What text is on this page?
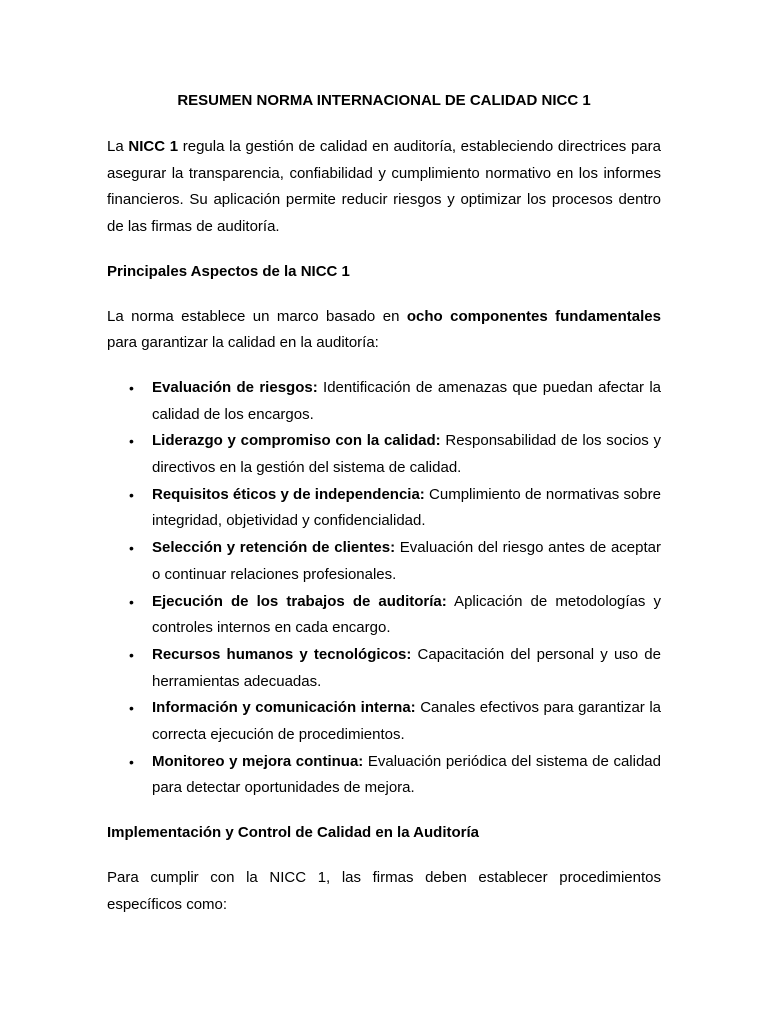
RESUMEN NORMA INTERNACIONAL DE CALIDAD NICC 1

La NICC 1 regula la gestión de calidad en auditoría, estableciendo directrices para asegurar la transparencia, confiabilidad y cumplimiento normativo en los informes financieros. Su aplicación permite reducir riesgos y optimizar los procesos dentro de las firmas de auditoría.

Principales Aspectos de la NICC 1

La norma establece un marco basado en ocho componentes fundamentales para garantizar la calidad en la auditoría:

• Evaluación de riesgos: Identificación de amenazas que puedan afectar la calidad de los encargos.
• Liderazgo y compromiso con la calidad: Responsabilidad de los socios y directivos en la gestión del sistema de calidad.
• Requisitos éticos y de independencia: Cumplimiento de normativas sobre integridad, objetividad y confidencialidad.
• Selección y retención de clientes: Evaluación del riesgo antes de aceptar o continuar relaciones profesionales.
• Ejecución de los trabajos de auditoría: Aplicación de metodologías y controles internos en cada encargo.
• Recursos humanos y tecnológicos: Capacitación del personal y uso de herramientas adecuadas.
• Información y comunicación interna: Canales efectivos para garantizar la correcta ejecución de procedimientos.
• Monitoreo y mejora continua: Evaluación periódica del sistema de calidad para detectar oportunidades de mejora.
Implementación y Control de Calidad en la Auditoría

Para cumplir con la NICC 1, las firmas deben establecer procedimientos específicos como:
